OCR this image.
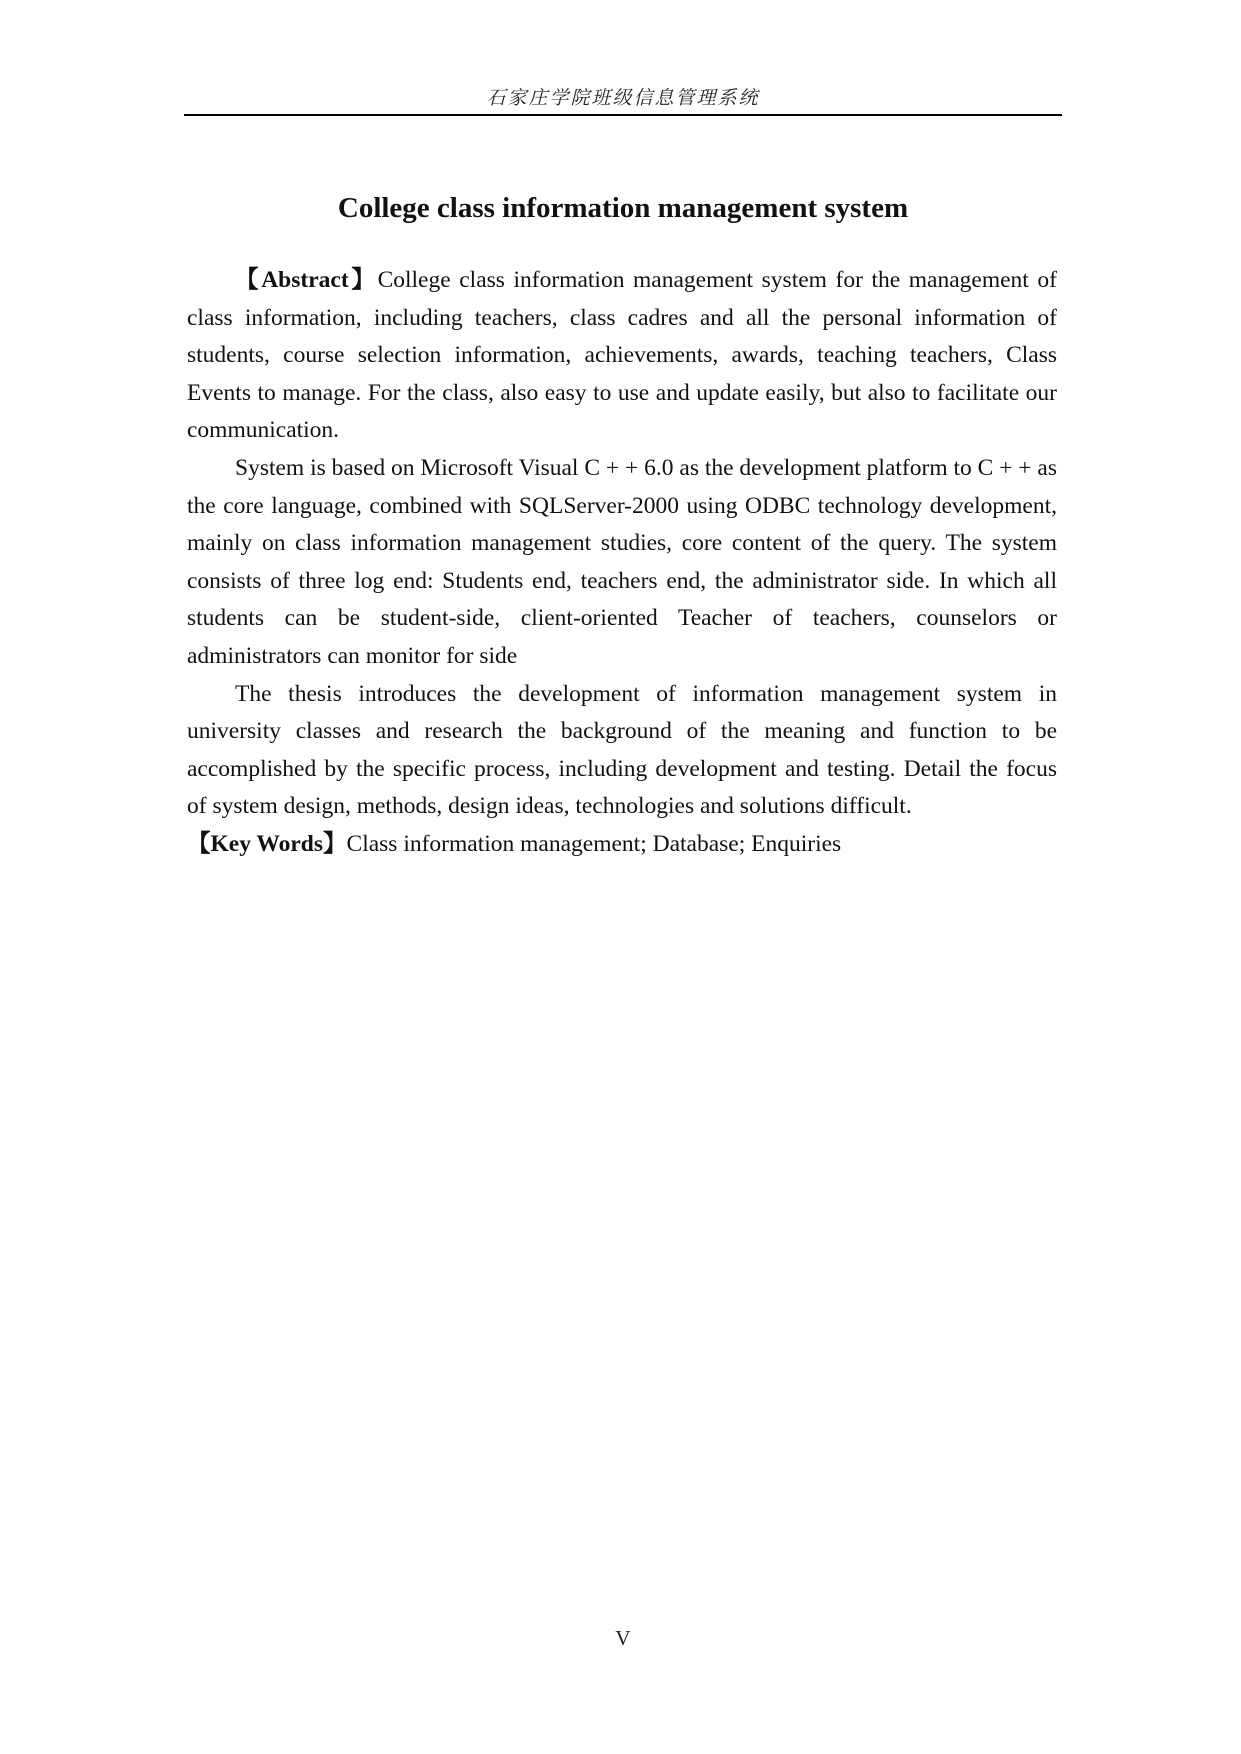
石家庄学院班级信息管理系统
College class information management system

【Abstract】College class information management system for the management of class information, including teachers, class cadres and all the personal information of students, course selection information, achievements, awards, teaching teachers, Class Events to manage. For the class, also easy to use and update easily, but also to facilitate our communication.

System is based on Microsoft Visual C + + 6.0 as the development platform to C + + as the core language, combined with SQLServer-2000 using ODBC technology development, mainly on class information management studies, core content of the query. The system consists of three log end: Students end, teachers end, the administrator side. In which all students can be student-side, client-oriented Teacher of teachers, counselors or administrators can monitor for side

The thesis introduces the development of information management system in university classes and research the background of the meaning and function to be accomplished by the specific process, including development and testing. Detail the focus of system design, methods, design ideas, technologies and solutions difficult.

【Key Words】Class information management; Database; Enquiries

V
